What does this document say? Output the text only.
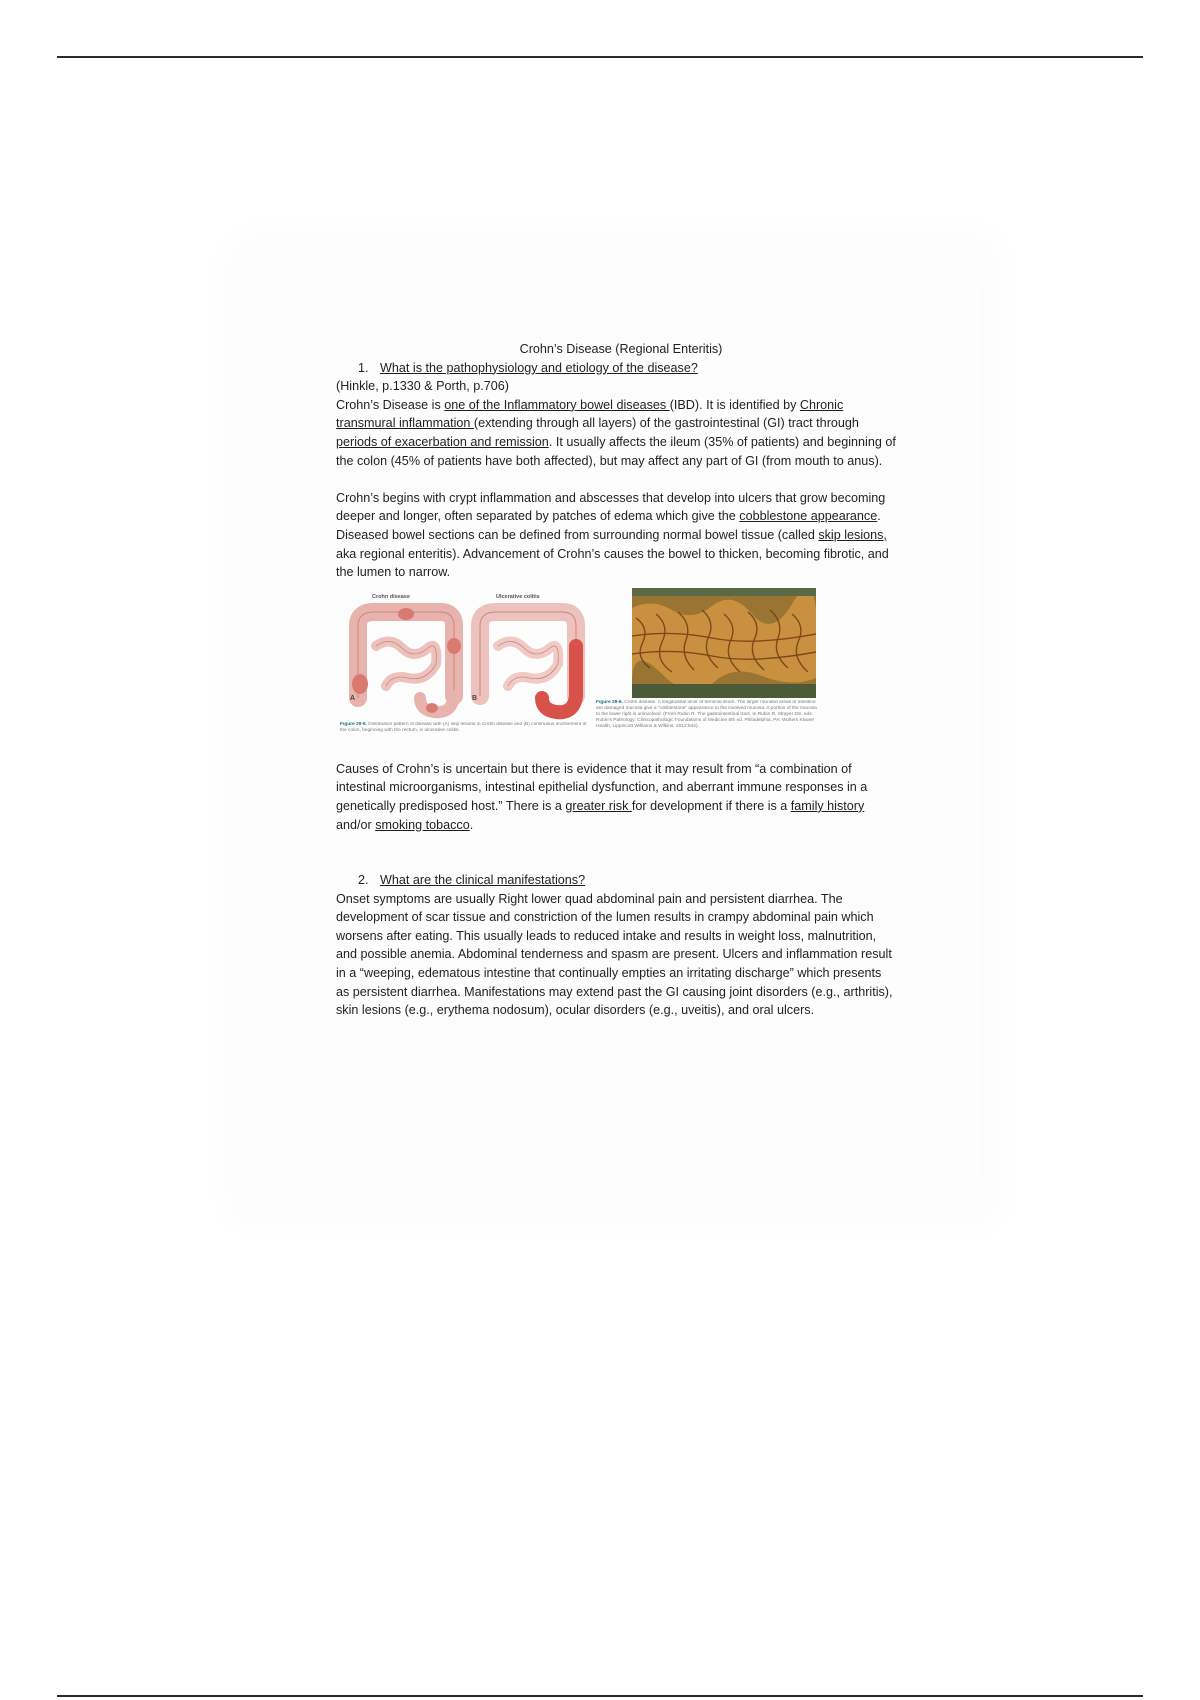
Crohn’s Disease (Regional Enteritis)
1. What is the pathophysiology and etiology of the disease?

(Hinkle, p.1330 & Porth, p.706)

Crohn’s Disease is one of the Inflammatory bowel diseases (IBD). It is identified by Chronic transmural inflammation (extending through all layers) of the gastrointestinal (GI) tract through periods of exacerbation and remission. It usually affects the ileum (35% of patients) and beginning of the colon (45% of patients have both affected), but may affect any part of GI (from mouth to anus).

Crohn’s begins with crypt inflammation and abscesses that develop into ulcers that grow becoming deeper and longer, often separated by patches of edema which give the cobblestone appearance. Diseased bowel sections can be defined from surrounding normal bowel tissue (called skip lesions, aka regional enteritis). Advancement of Crohn’s causes the bowel to thicken, becoming fibrotic, and the lumen to narrow.

Crohn disease	Ulcerative colitis
A	B
Figure 29-6. Distribution pattern of disease with (A) skip lesions in Crohn disease and (B) continuous involvement of the colon, beginning with the rectum, in ulcerative colitis.
Figure 29-6. Crohn disease. A longitudinal ulcer of terminal ileum. The larger rounded areas of intestine are damaged mucosa give a “cobblestone” appearance to the involved mucosa. A portion of the mucosa to the lower right is uninvolved. (From Rubin R. The gastrointestinal tract. In Rubin R, Strayer DS, eds. Rubin’s Pathology: Clinicopathologic Foundations of Medicine 6th ed. Philadelphia, PA: Wolters Kluwer Health, Lippincott Williams & Wilkins, 2012:644).

Causes of Crohn’s is uncertain but there is evidence that it may result from “a combination of intestinal microorganisms, intestinal epithelial dysfunction, and aberrant immune responses in a genetically predisposed host.” There is a greater risk for development if there is a family history and/or smoking tobacco.

2. What are the clinical manifestations?

Onset symptoms are usually Right lower quad abdominal pain and persistent diarrhea. The development of scar tissue and constriction of the lumen results in crampy abdominal pain which worsens after eating. This usually leads to reduced intake and results in weight loss, malnutrition, and possible anemia. Abdominal tenderness and spasm are present. Ulcers and inflammation result in a “weeping, edematous intestine that continually empties an irritating discharge” which presents as persistent diarrhea. Manifestations may extend past the GI causing joint disorders (e.g., arthritis), skin lesions (e.g., erythema nodosum), ocular disorders (e.g., uveitis), and oral ulcers.
